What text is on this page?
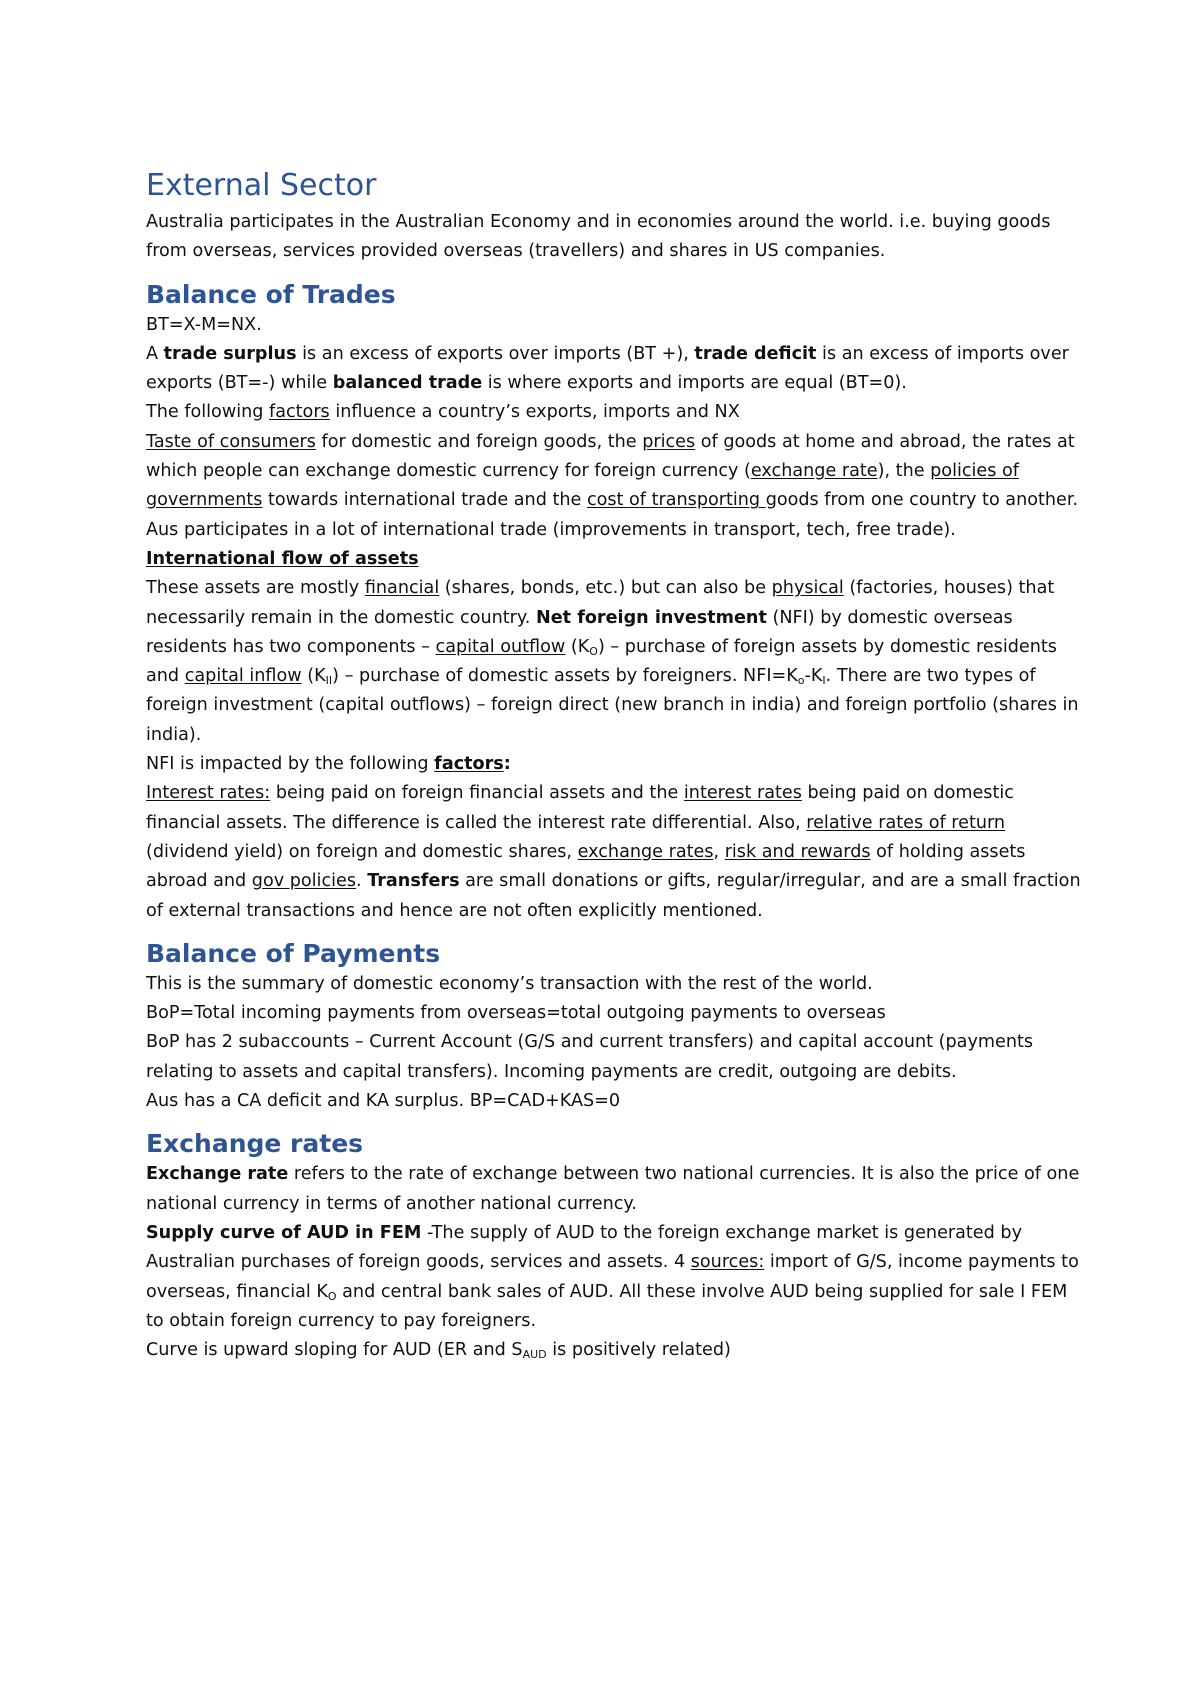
External Sector

Australia participates in the Australian Economy and in economies around the world. i.e. buying goods from overseas, services provided overseas (travellers) and shares in US companies.

Balance of Trades

BT=X-M=NX.

A trade surplus is an excess of exports over imports (BT +), trade deficit is an excess of imports over exports (BT=-) while balanced trade is where exports and imports are equal (BT=0).

The following factors influence a country’s exports, imports and NX

Taste of consumers for domestic and foreign goods, the prices of goods at home and abroad, the rates at which people can exchange domestic currency for foreign currency (exchange rate), the policies of governments towards international trade and the cost of transporting goods from one country to another.

Aus participates in a lot of international trade (improvements in transport, tech, free trade).

International flow of assets

These assets are mostly financial (shares, bonds, etc.) but can also be physical (factories, houses) that necessarily remain in the domestic country. Net foreign investment (NFI) by domestic overseas residents has two components – capital outflow $(K_O)$ – purchase of foreign assets by domestic residents and capital inflow $(K_{II})$ – purchase of domestic assets by foreigners. $NFI=K_o-K_I$. There are two types of foreign investment (capital outflows) – foreign direct (new branch in india) and foreign portfolio (shares in india).

NFI is impacted by the following factors:

Interest rates: being paid on foreign financial assets and the interest rates being paid on domestic financial assets. The difference is called the interest rate differential. Also, relative rates of return (dividend yield) on foreign and domestic shares, exchange rates, risk and rewards of holding assets abroad and gov policies. Transfers are small donations or gifts, regular/irregular, and are a small fraction of external transactions and hence are not often explicitly mentioned.

Balance of Payments

This is the summary of domestic economy’s transaction with the rest of the world.

BoP=Total incoming payments from overseas=total outgoing payments to overseas

BoP has 2 subaccounts – Current Account (G/S and current transfers) and capital account (payments relating to assets and capital transfers). Incoming payments are credit, outgoing are debits.

Aus has a CA deficit and KA surplus. BP=CAD+KAS=0

Exchange rates

Exchange rate refers to the rate of exchange between two national currencies. It is also the price of one national currency in terms of another national currency.

Supply curve of AUD in FEM -The supply of AUD to the foreign exchange market is generated by Australian purchases of foreign goods, services and assets. 4 sources: import of G/S, income payments to overseas, financial $K_O$ and central bank sales of AUD. All these involve AUD being supplied for sale I FEM to obtain foreign currency to pay foreigners.

Curve is upward sloping for AUD (ER and $S_{AUD}$ is positively related)
